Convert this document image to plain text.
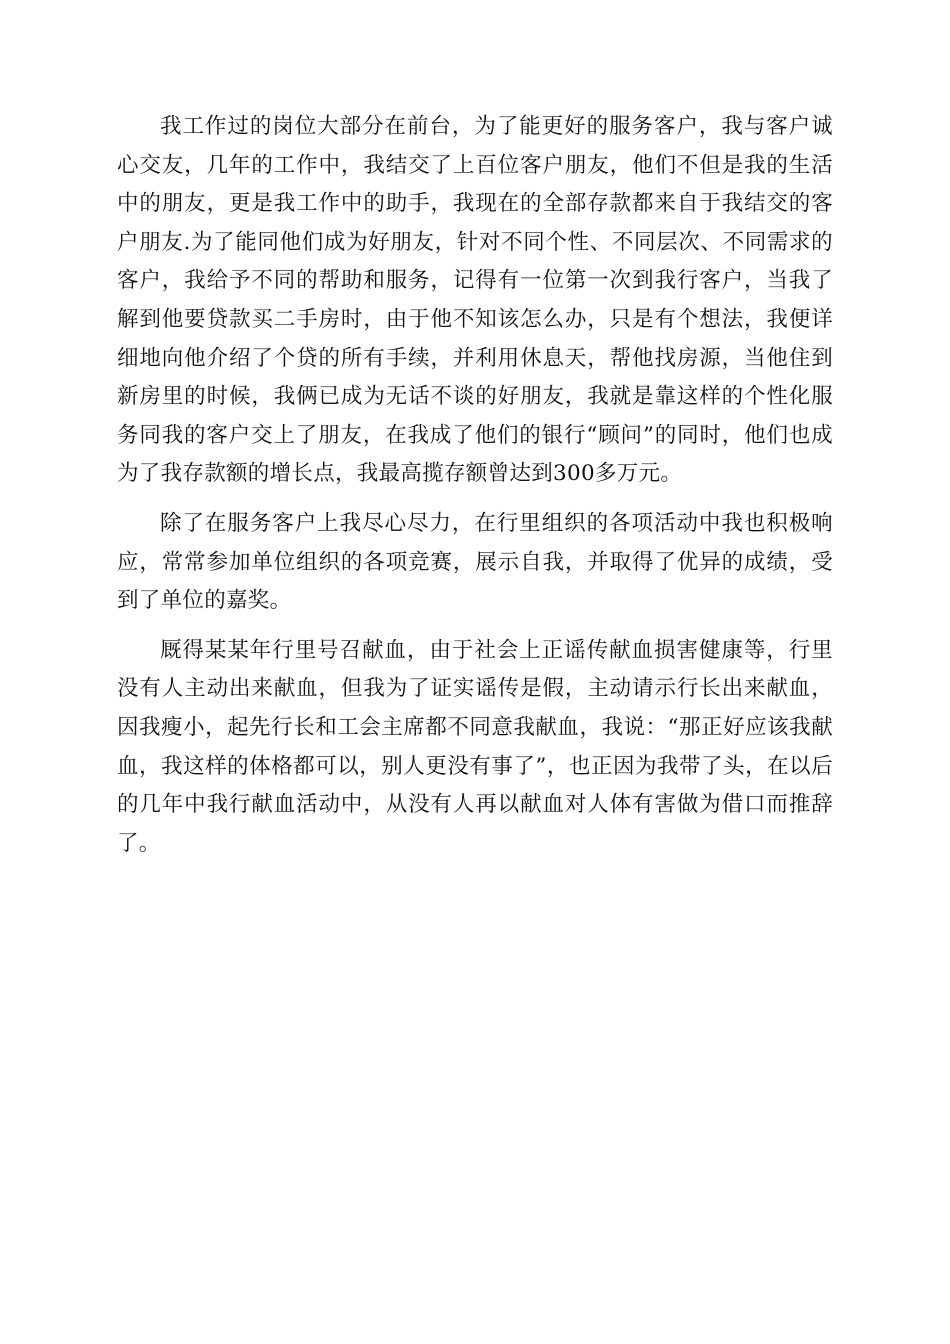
我工作过的岗位大部分在前台，为了能更好的服务客户，我与客户诚心交友，几年的工作中，我结交了上百位客户朋友，他们不但是我的生活中的朋友，更是我工作中的助手，我现在的全部存款都来自于我结交的客户朋友.为了能同他们成为好朋友，针对不同个性、不同层次、不同需求的客户，我给予不同的帮助和服务，记得有一位第一次到我行客户，当我了解到他要贷款买二手房时，由于他不知该怎么办，只是有个想法，我便详细地向他介绍了个贷的所有手续，并利用休息天，帮他找房源，当他住到新房里的时候，我俩已成为无话不谈的好朋友，我就是靠这样的个性化服务同我的客户交上了朋友，在我成了他们的银行“顾问”的同时，他们也成为了我存款额的增长点，我最高揽存额曾达到300多万元。

除了在服务客户上我尽心尽力，在行里组织的各项活动中我也积极响应，常常参加单位组织的各项竞赛，展示自我，并取得了优异的成绩，受到了单位的嘉奖。

厩得某某年行里号召献血，由于社会上正谣传献血损害健康等，行里没有人主动出来献血，但我为了证实谣传是假，主动请示行长出来献血，因我瘦小，起先行长和工会主席都不同意我献血，我说：“那正好应该我献血，我这样的体格都可以，别人更没有事了”，也正因为我带了头，在以后的几年中我行献血活动中，从没有人再以献血对人体有害做为借口而推辞了。
